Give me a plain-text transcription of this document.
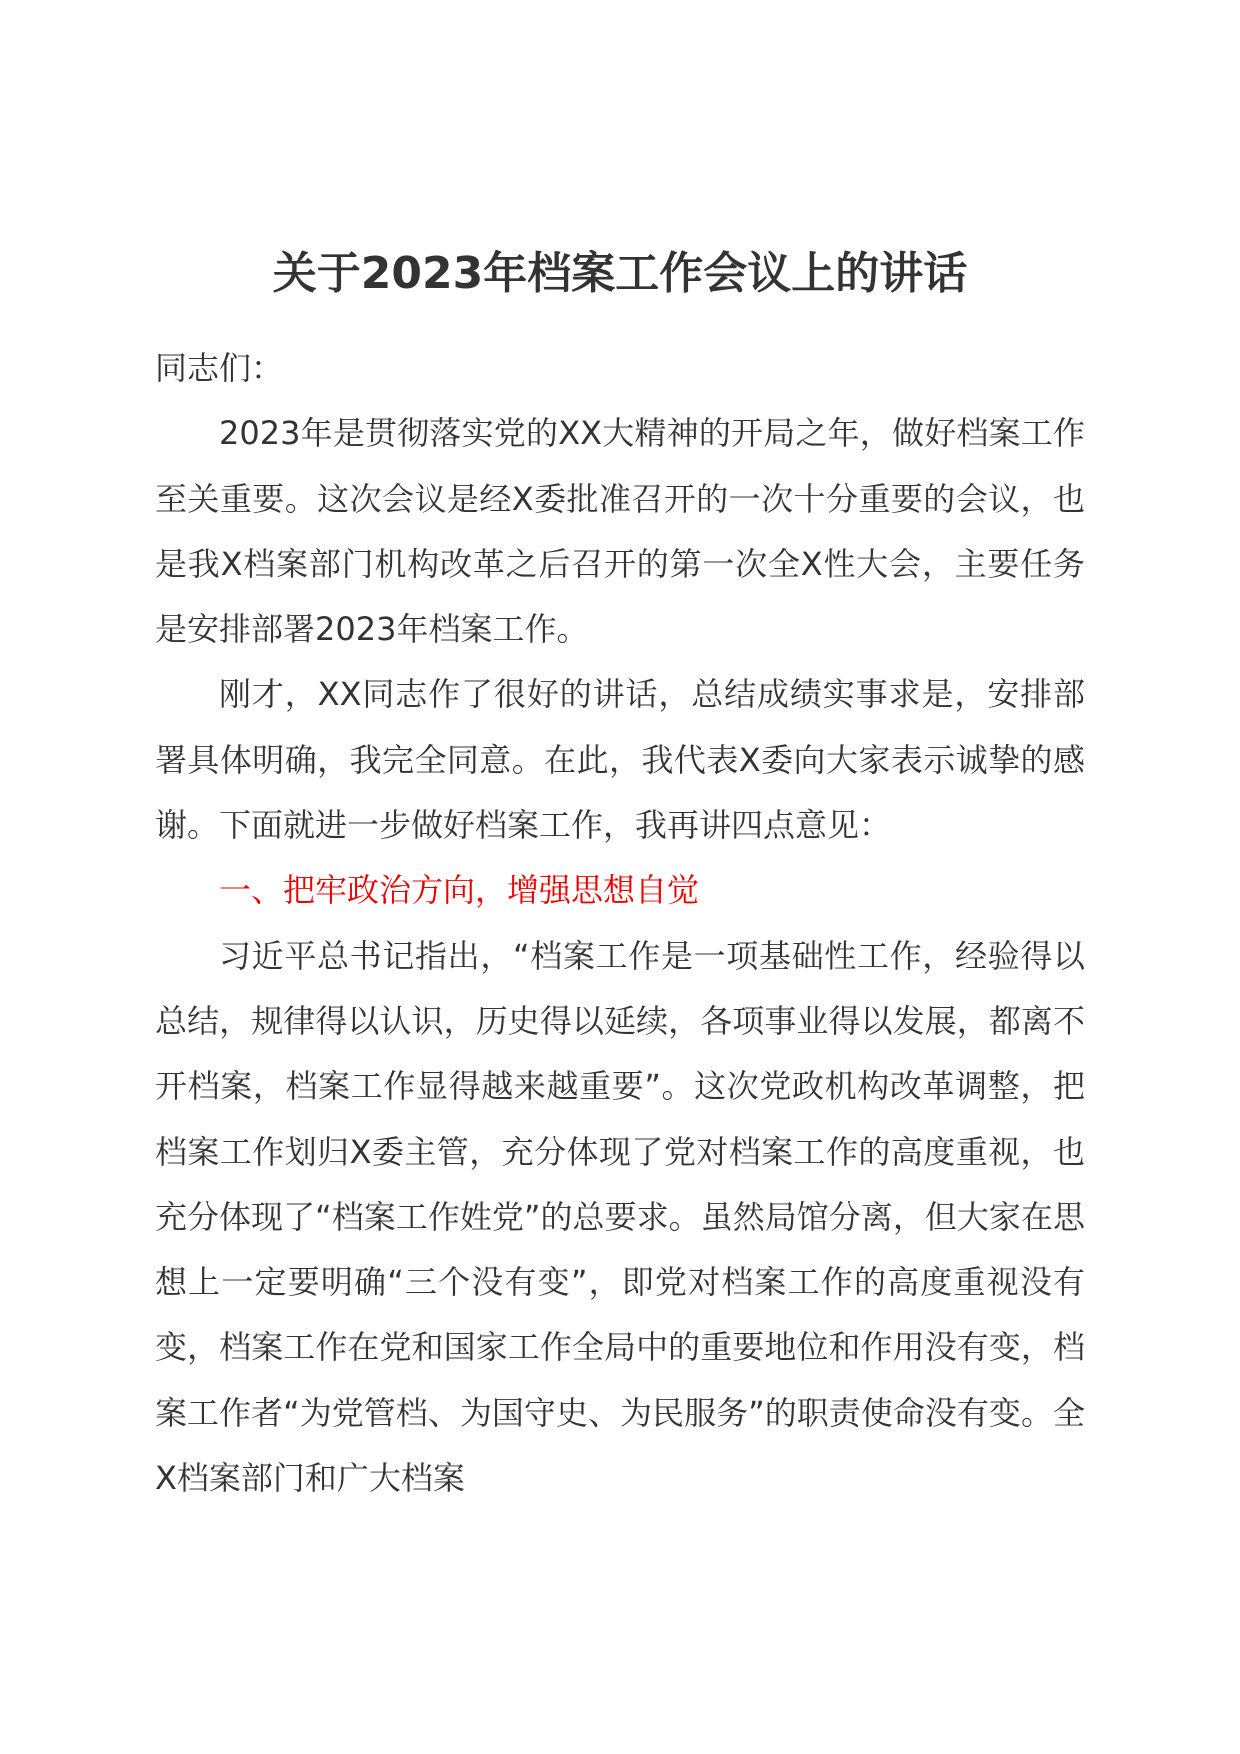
关于2023年档案工作会议上的讲话

同志们：

2023年是贯彻落实党的XX大精神的开局之年，做好档案工作至关重要。这次会议是经X委批准召开的一次十分重要的会议，也是我X档案部门机构改革之后召开的第一次全X性大会，主要任务是安排部署2023年档案工作。

刚才，XX同志作了很好的讲话，总结成绩实事求是，安排部署具体明确，我完全同意。在此，我代表X委向大家表示诚挚的感谢。下面就进一步做好档案工作，我再讲四点意见：

一、把牢政治方向，增强思想自觉

习近平总书记指出，“档案工作是一项基础性工作，经验得以总结，规律得以认识，历史得以延续，各项事业得以发展，都离不开档案，档案工作显得越来越重要”。这次党政机构改革调整，把档案工作划归X委主管，充分体现了党对档案工作的高度重视，也充分体现了“档案工作姓党”的总要求。虽然局馆分离，但大家在思想上一定要明确“三个没有变”，即党对档案工作的高度重视没有变，档案工作在党和国家工作全局中的重要地位和作用没有变，档案工作者“为党管档、为国守史、为民服务”的职责使命没有变。全X档案部门和广大档案
